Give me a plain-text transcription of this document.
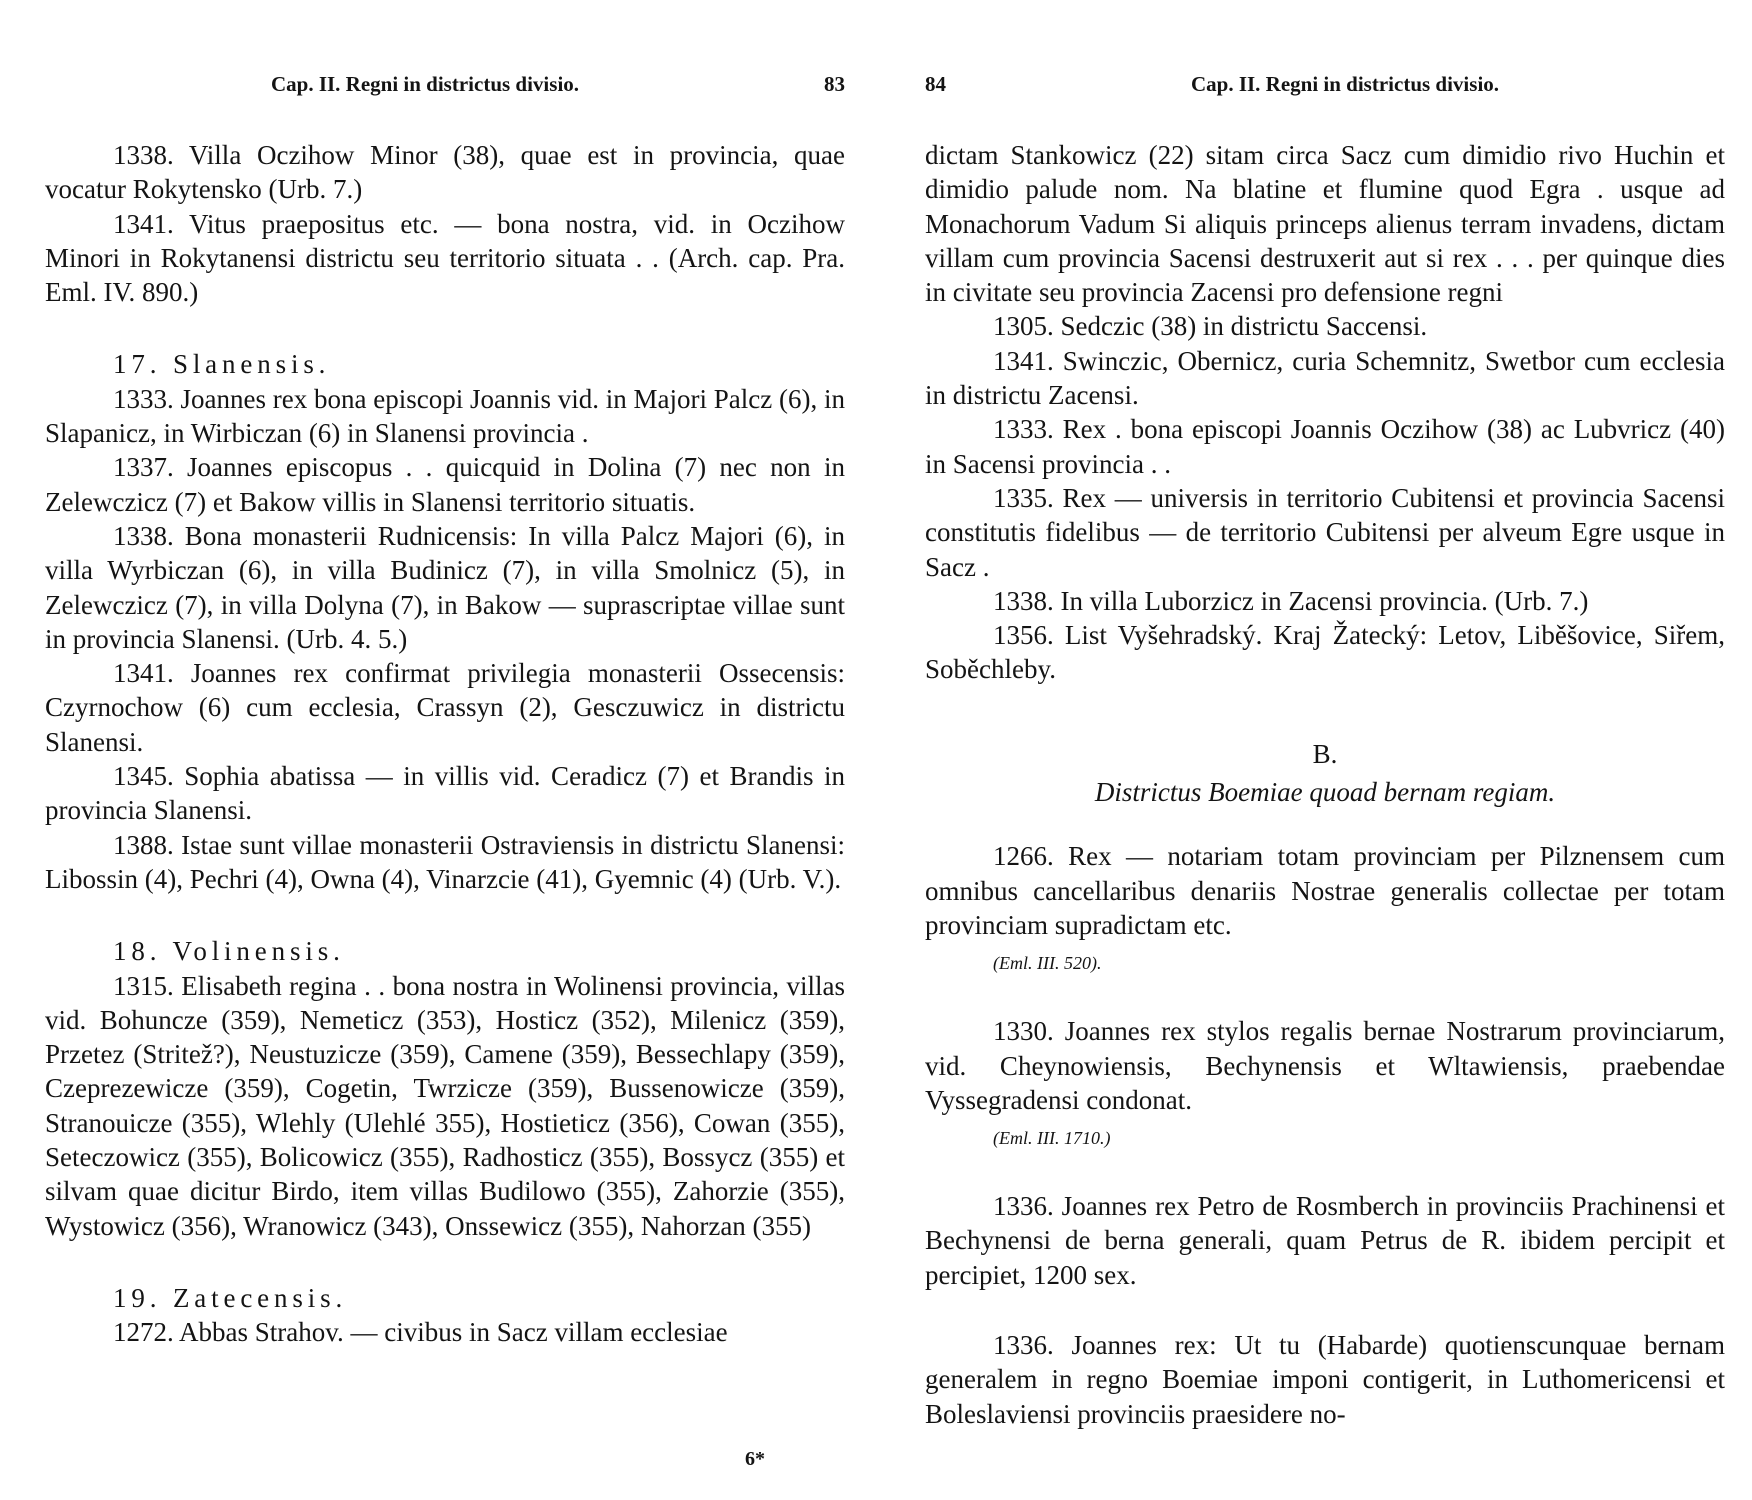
Cap. II. Regni in districtus divisio.	83

1338. Villa Oczihow Minor (38), quae est in provincia, quae vocatur Rokytensko (Urb. 7.)

1341. Vitus praepositus etc. — bona nostra, vid. in Oczihow Minori in Rokytanensi districtu seu territorio situata . . (Arch. cap. Pra. Eml. IV. 890.)

17. Slanensis.

1333. Joannes rex bona episcopi Joannis vid. in Majori Palcz (6), in Slapanicz, in Wirbiczan (6) in Slanensi provincia .

1337. Joannes episcopus . . quicquid in Dolina (7) nec non in Zelewczicz (7) et Bakow villis in Slanensi territorio situatis.

1338. Bona monasterii Rudnicensis: In villa Palcz Majori (6), in villa Wyrbiczan (6), in villa Budinicz (7), in villa Smolnicz (5), in Zelewczicz (7), in villa Dolyna (7), in Bakow — suprascriptae villae sunt in provincia Slanensi. (Urb. 4. 5.)

1341. Joannes rex confirmat privilegia monasterii Ossecensis: Czyrnochow (6) cum ecclesia, Crassyn (2), Gesczuwicz in districtu Slanensi.

1345. Sophia abatissa — in villis vid. Ceradicz (7) et Brandis in provincia Slanensi.

1388. Istae sunt villae monasterii Ostraviensis in districtu Slanensi: Libossin (4), Pechri (4), Owna (4), Vinarzcie (41), Gyemnic (4) (Urb. V.).

18. Volinensis.

1315. Elisabeth regina . . bona nostra in Wolinensi provincia, villas vid. Bohuncze (359), Nemeticz (353), Hosticz (352), Milenicz (359), Przetez (Stritež?), Neustuzicze (359), Camene (359), Bessechlapy (359), Czeprezewicze (359), Cogetin, Twrzicze (359), Bussenowicze (359), Stranouicze (355), Wlehly (Ulehlé 355), Hostieticz (356), Cowan (355), Seteczowicz (355), Bolicowicz (355), Radhosticz (355), Bossycz (355) et silvam quae dicitur Birdo, item villas Budilowo (355), Zahorzie (355), Wystowicz (356), Wranowicz (343), Onssewicz (355), Nahorzan (355)

19. Zatecensis.

1272. Abbas Strahov. — civibus in Sacz villam ecclesiae

6*
84	Cap. II. Regni in districtus divisio.

dictam Stankowicz (22) sitam circa Sacz cum dimidio rivo Huchin et dimidio palude nom. Na blatine et flumine quod Egra . usque ad Monachorum Vadum Si aliquis princeps alienus terram invadens, dictam villam cum provincia Sacensi destruxerit aut si rex . . . per quinque dies in civitate seu provincia Zacensi pro defensione regni

1305. Sedczic (38) in districtu Saccensi.

1341. Swinczic, Obernicz, curia Schemnitz, Swetbor cum ecclesia in districtu Zacensi.

1333. Rex . bona episcopi Joannis Oczihow (38) ac Lubvricz (40) in Sacensi provincia . .

1335. Rex — universis in territorio Cubitensi et provincia Sacensi constitutis fidelibus — de territorio Cubitensi per alveum Egre usque in Sacz .

1338. In villa Luborzicz in Zacensi provincia. (Urb. 7.)

1356. List Vyšehradský. Kraj Žatecký: Letov, Liběšovice, Siřem, Soběchleby.

B.

Districtus Boemiae quoad bernam regiam.

1266. Rex — notariam totam provinciam per Pilznensem cum omnibus cancellaribus denariis Nostrae generalis collectae per totam provinciam supradictam etc.

(Eml. III. 520).

1330. Joannes rex stylos regalis bernae Nostrarum provinciarum, vid. Cheynowiensis, Bechynensis et Wltawiensis, praebendae Vyssegradensi condonat.

(Eml. III. 1710.)

1336. Joannes rex Petro de Rosmberch in provinciis Prachinensi et Bechynensi de berna generali, quam Petrus de R. ibidem percipit et percipiet, 1200 sex.

1336. Joannes rex: Ut tu (Habarde) quotienscunquae bernam generalem in regno Boemiae imponi contigerit, in Luthomericensi et Boleslaviensi provinciis praesidere no-
